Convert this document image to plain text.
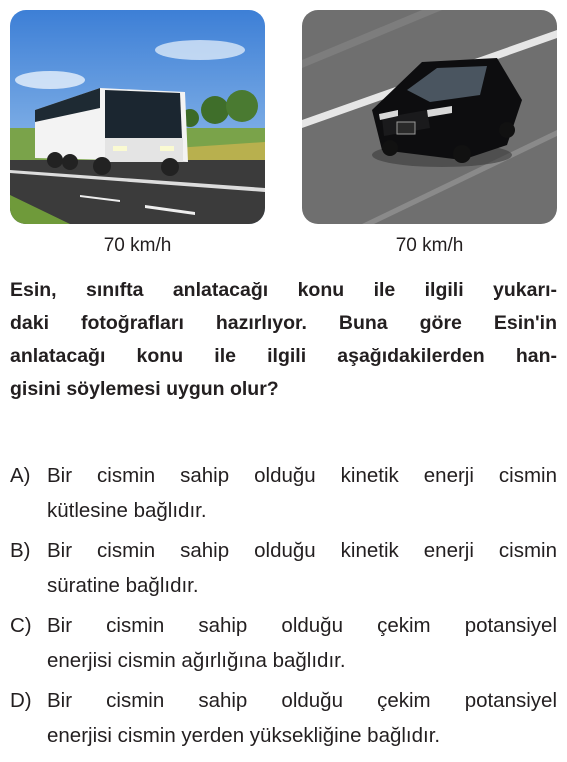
70 km/h	70 km/h
Esin, sınıfta anlatacağı konu ile ilgili yukarı-
daki fotoğrafları hazırlıyor. Buna göre Esin'in
anlatacağı konu ile ilgili aşağıdakilerden han-
gisini söylemesi uygun olur?
A) Bir cismin sahip olduğu kinetik enerji cismin
kütlesine bağlıdır.
B) Bir cismin sahip olduğu kinetik enerji cismin
süratine bağlıdır.
C) Bir cismin sahip olduğu çekim potansiyel
enerjisi cismin ağırlığına bağlıdır.
D) Bir cismin sahip olduğu çekim potansiyel
enerjisi cismin yerden yüksekliğine bağlıdır.
